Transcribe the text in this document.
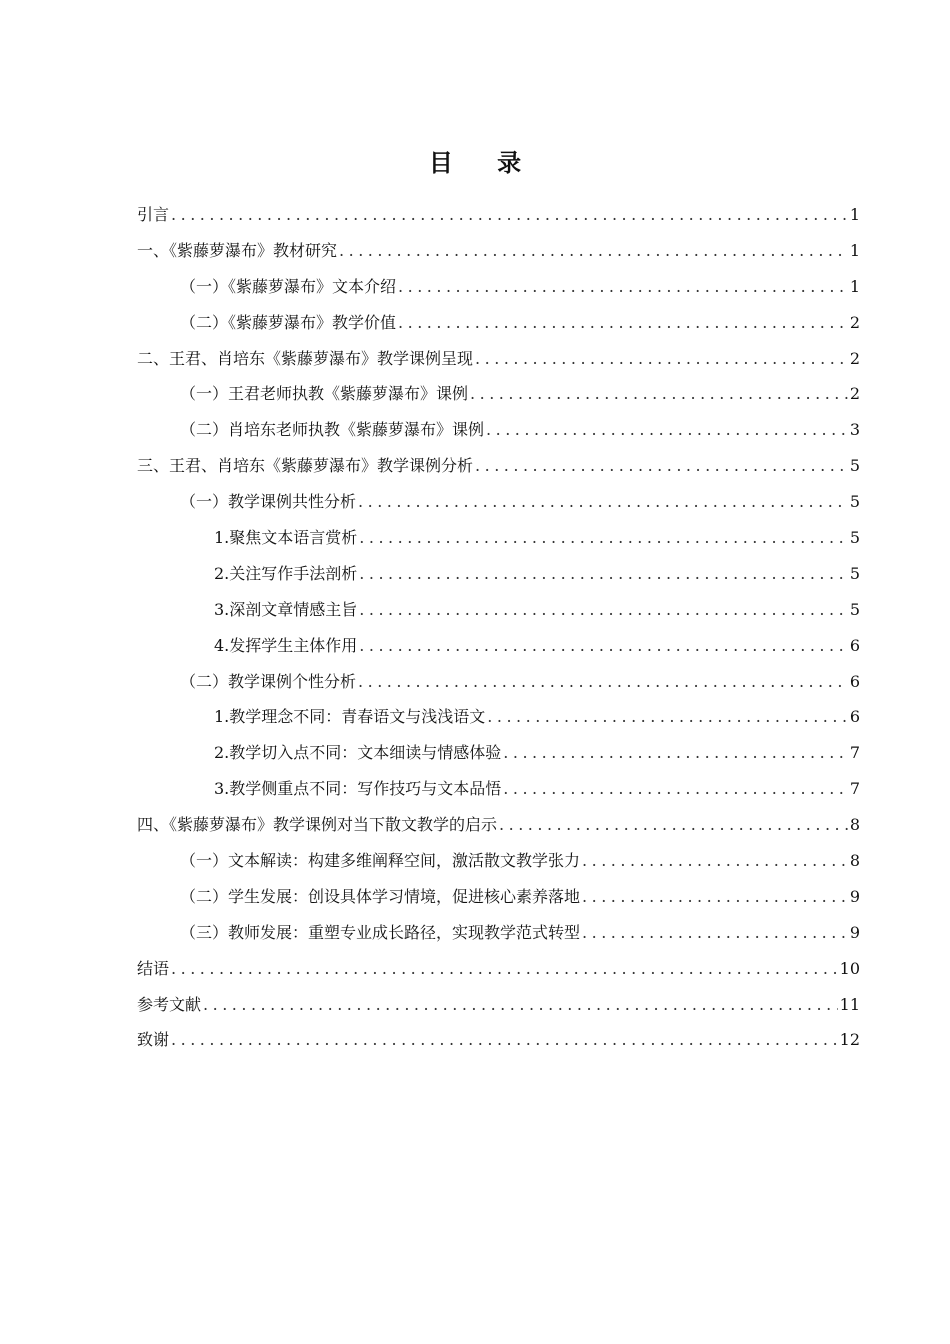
目 录
引言 .....	1
一、《紫藤萝瀑布》教材研究 .....	1
（一）《紫藤萝瀑布》文本介绍 .....	1
（二）《紫藤萝瀑布》教学价值 .....	2
二、王君、肖培东《紫藤萝瀑布》教学课例呈现 .....	2
（一）王君老师执教《紫藤萝瀑布》课例 .....	2
（二）肖培东老师执教《紫藤萝瀑布》课例 .....	3
三、王君、肖培东《紫藤萝瀑布》教学课例分析 .....	5
（一）教学课例共性分析 .....	5
1.聚焦文本语言赏析 .....	5
2.关注写作手法剖析 .....	5
3.深剖文章情感主旨 .....	5
4.发挥学生主体作用 .....	6
（二）教学课例个性分析 .....	6
1.教学理念不同：青春语文与浅浅语文 .....	6
2.教学切入点不同：文本细读与情感体验 .....	7
3.教学侧重点不同：写作技巧与文本品悟 .....	7
四、《紫藤萝瀑布》教学课例对当下散文教学的启示 .....	8
（一）文本解读：构建多维阐释空间，激活散文教学张力 .....	8
（二）学生发展：创设具体学习情境，促进核心素养落地 .....	9
（三）教师发展：重塑专业成长路径，实现教学范式转型 .....	9
结语 .....	10
参考文献 .....	11
致谢 .....	12
